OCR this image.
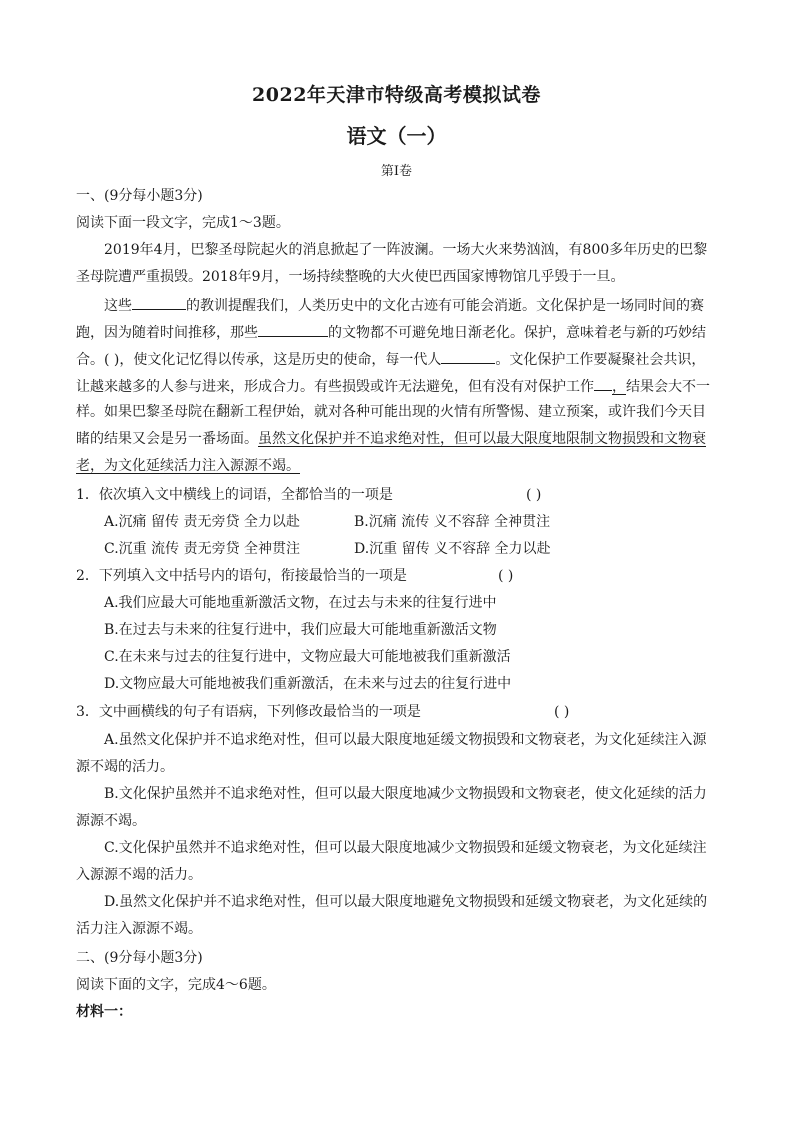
2022年天津市特级高考模拟试卷
语文（一）
第Ⅰ卷
一、(9分每小题3分)
阅读下面一段文字，完成1～3题。
2019年4月，巴黎圣母院起火的消息掀起了一阵波澜。一场大火来势汹汹，有800多年历史的巴黎
圣母院遭严重损毁。2018年9月，一场持续整晚的大火使巴西国家博物馆几乎毁于一旦。
这些	的教训提醒我们，人类历史中的文化古迹有可能会消逝。文化保护是一场同时间的赛
跑，因为随着时间推移，那些	的文物都不可避免地日渐老化。保护，意味着老与新的巧妙结
合。( )，使文化记忆得以传承，这是历史的使命，每一代人	。文化保护工作要凝聚社会共识，
让越来越多的人参与进来，形成合力。有些损毁或许无法避免，但有没有对保护工作 ，结果会大不一
样。如果巴黎圣母院在翻新工程伊始，就对各种可能出现的火情有所警惕、建立预案，或许我们今天目
睹的结果又会是另一番场面。虽然文化保护并不追求绝对性，但可以最大限度地限制文物损毁和文物衰
老，为文化延续活力注入源源不竭。
1．依次填入文中横线上的词语，全都恰当的一项是	( )
A.沉痛 留传 责无旁贷 全力以赴	B.沉痛 流传 义不容辞 全神贯注
C.沉重 流传 责无旁贷 全神贯注	D.沉重 留传 义不容辞 全力以赴
2．下列填入文中括号内的语句，衔接最恰当的一项是	( )
A.我们应最大可能地重新激活文物，在过去与未来的往复行进中
B.在过去与未来的往复行进中，我们应最大可能地重新激活文物
C.在未来与过去的往复行进中，文物应最大可能地被我们重新激活
D.文物应最大可能地被我们重新激活，在未来与过去的往复行进中
3．文中画横线的句子有语病，下列修改最恰当的一项是	( )
A.虽然文化保护并不追求绝对性，但可以最大限度地延缓文物损毁和文物衰老，为文化延续注入源
源不竭的活力。
B.文化保护虽然并不追求绝对性，但可以最大限度地减少文物损毁和文物衰老，使文化延续的活力
源源不竭。
C.文化保护虽然并不追求绝对性，但可以最大限度地减少文物损毁和延缓文物衰老，为文化延续注
入源源不竭的活力。
D.虽然文化保护并不追求绝对性，但可以最大限度地避免文物损毁和延缓文物衰老，为文化延续的
活力注入源源不竭。
二、(9分每小题3分)
阅读下面的文字，完成4～6题。
材料一：
